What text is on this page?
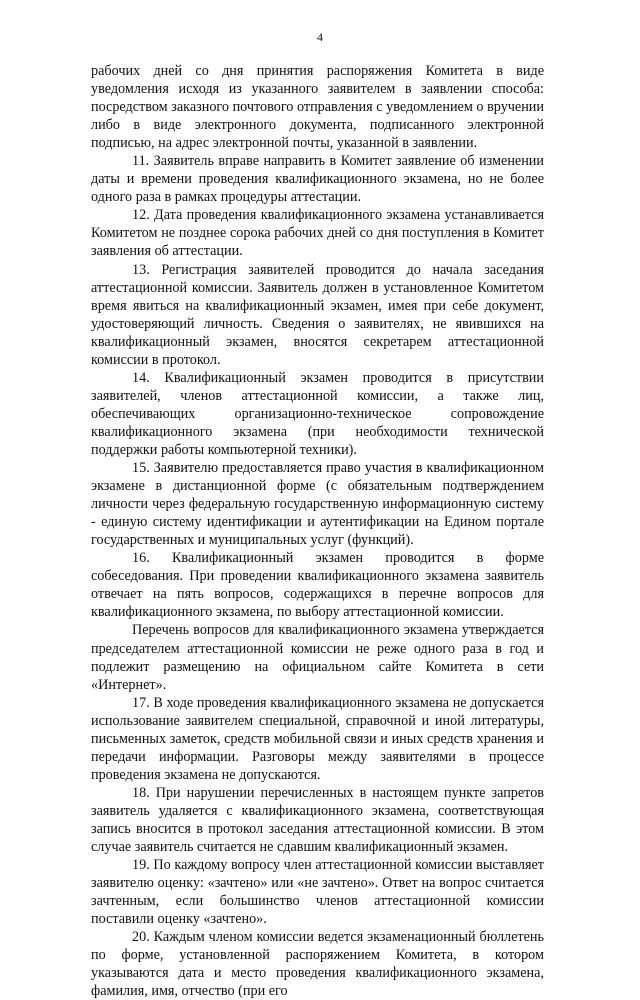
4

рабочих дней со дня принятия распоряжения Комитета в виде уведомления исходя из указанного заявителем в заявлении способа: посредством заказного почтового отправления с уведомлением о вручении либо в виде электронного документа, подписанного электронной подписью, на адрес электронной почты, указанной в заявлении.

11. Заявитель вправе направить в Комитет заявление об изменении даты и времени проведения квалификационного экзамена, но не более одного раза в рамках процедуры аттестации.

12. Дата проведения квалификационного экзамена устанавливается Комитетом не позднее сорока рабочих дней со дня поступления в Комитет заявления об аттестации.

13. Регистрация заявителей проводится до начала заседания аттестационной комиссии. Заявитель должен в установленное Комитетом время явиться на квалификационный экзамен, имея при себе документ, удостоверяющий личность. Сведения о заявителях, не явившихся на квалификационный экзамен, вносятся секретарем аттестационной комиссии в протокол.

14. Квалификационный экзамен проводится в присутствии заявителей, членов аттестационной комиссии, а также лиц, обеспечивающих организационно-техническое сопровождение квалификационного экзамена (при необходимости технической поддержки работы компьютерной техники).

15. Заявителю предоставляется право участия в квалификационном экзамене в дистанционной форме (с обязательным подтверждением личности через федеральную государственную информационную систему - единую систему идентификации и аутентификации на Едином портале государственных и муниципальных услуг (функций).

16. Квалификационный экзамен проводится в форме собеседования. При проведении квалификационного экзамена заявитель отвечает на пять вопросов, содержащихся в перечне вопросов для квалификационного экзамена, по выбору аттестационной комиссии.

Перечень вопросов для квалификационного экзамена утверждается председателем аттестационной комиссии не реже одного раза в год и подлежит размещению на официальном сайте Комитета в сети «Интернет».

17. В ходе проведения квалификационного экзамена не допускается использование заявителем специальной, справочной и иной литературы, письменных заметок, средств мобильной связи и иных средств хранения и передачи информации. Разговоры между заявителями в процессе проведения экзамена не допускаются.

18. При нарушении перечисленных в настоящем пункте запретов заявитель удаляется с квалификационного экзамена, соответствующая запись вносится в протокол заседания аттестационной комиссии. В этом случае заявитель считается не сдавшим квалификационный экзамен.

19. По каждому вопросу член аттестационной комиссии выставляет заявителю оценку: «зачтено» или «не зачтено». Ответ на вопрос считается зачтенным, если большинство членов аттестационной комиссии поставили оценку «зачтено».

20. Каждым членом комиссии ведется экзаменационный бюллетень по форме, установленной распоряжением Комитета, в котором указываются дата и место проведения квалификационного экзамена, фамилия, имя, отчество (при его
